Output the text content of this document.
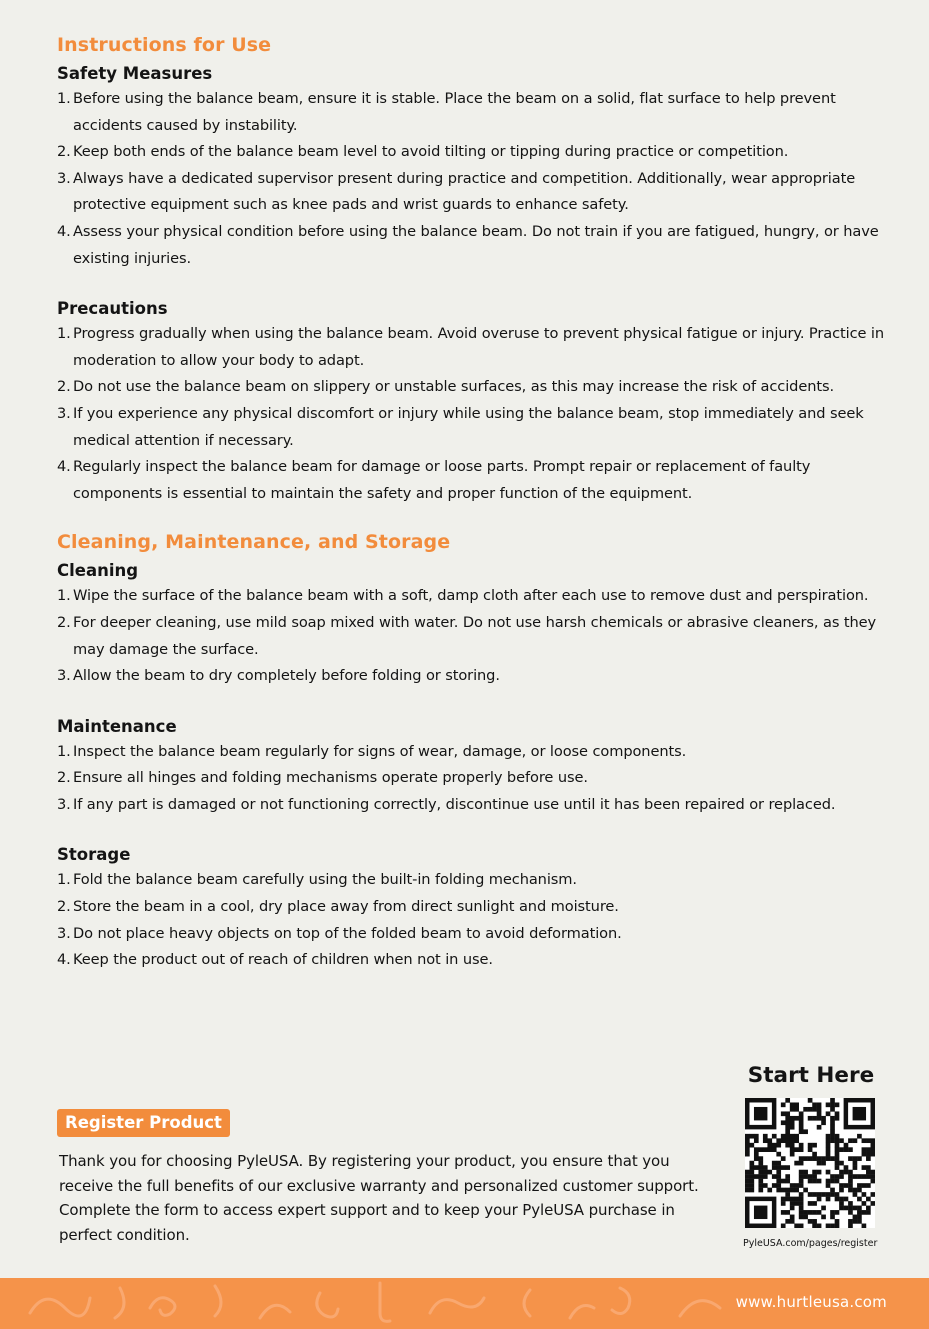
Instructions for Use
Safety Measures
1. Before using the balance beam, ensure it is stable. Place the beam on a solid, flat surface to help prevent accidents caused by instability.
2. Keep both ends of the balance beam level to avoid tilting or tipping during practice or competition.
3. Always have a dedicated supervisor present during practice and competition. Additionally, wear appropriate protective equipment such as knee pads and wrist guards to enhance safety.
4. Assess your physical condition before using the balance beam. Do not train if you are fatigued, hungry, or have existing injuries.
Precautions
1. Progress gradually when using the balance beam. Avoid overuse to prevent physical fatigue or injury. Practice in moderation to allow your body to adapt.
2. Do not use the balance beam on slippery or unstable surfaces, as this may increase the risk of accidents.
3. If you experience any physical discomfort or injury while using the balance beam, stop immediately and seek medical attention if necessary.
4. Regularly inspect the balance beam for damage or loose parts. Prompt repair or replacement of faulty components is essential to maintain the safety and proper function of the equipment.
Cleaning, Maintenance, and Storage
Cleaning
1. Wipe the surface of the balance beam with a soft, damp cloth after each use to remove dust and perspiration.
2. For deeper cleaning, use mild soap mixed with water. Do not use harsh chemicals or abrasive cleaners, as they may damage the surface.
3. Allow the beam to dry completely before folding or storing.
Maintenance
1. Inspect the balance beam regularly for signs of wear, damage, or loose components.
2. Ensure all hinges and folding mechanisms operate properly before use.
3. If any part is damaged or not functioning correctly, discontinue use until it has been repaired or replaced.
Storage
1. Fold the balance beam carefully using the built-in folding mechanism.
2. Store the beam in a cool, dry place away from direct sunlight and moisture.
3. Do not place heavy objects on top of the folded beam to avoid deformation.
4. Keep the product out of reach of children when not in use.
Register Product
Thank you for choosing PyleUSA. By registering your product, you ensure that you receive the full benefits of our exclusive warranty and personalized customer support. Complete the form to access expert support and to keep your PyleUSA purchase in perfect condition.
Start Here
PyleUSA.com/pages/register
www.hurtleusa.com
